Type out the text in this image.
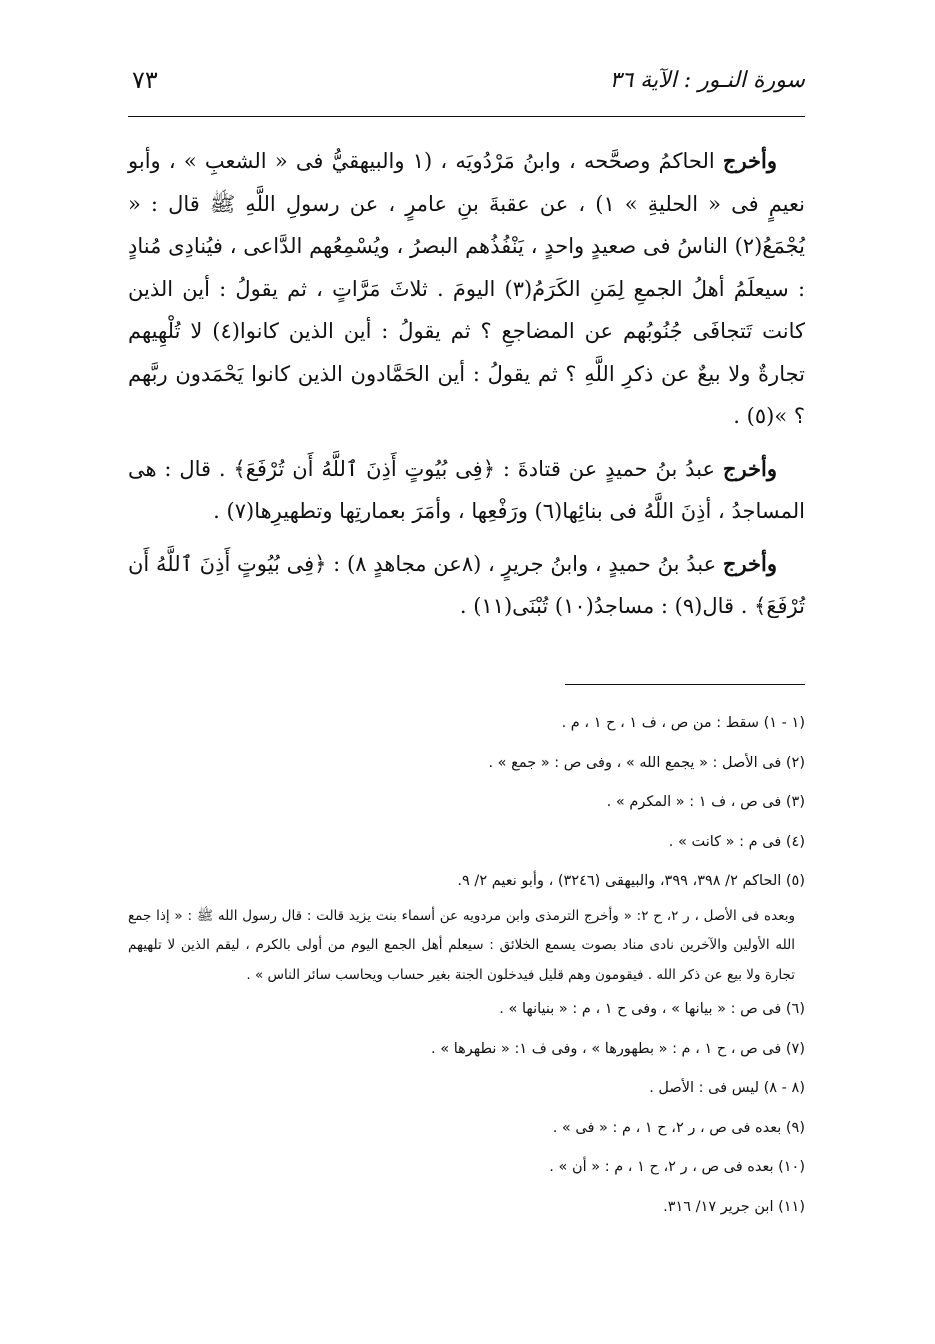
سورة النـور : الآية ٣٦
٧٣

وأخرج الحاكمُ وصحَّحه ، وابنُ مَرْدُويَه ، (١ والبيهقيُّ فى « الشعبِ » ، وأبو نعيمٍ فى « الحليةِ » ١) ، عن عقبةَ بنِ عامرٍ ، عن رسولِ اللَّهِ ﷺ قال : « يُجْمَعُ(٢) الناسُ فى صعيدٍ واحدٍ ، يَنْفُذُهم البصرُ ، ويُسْمِعُهم الدَّاعى ، فيُنادِى مُنادٍ : سيعلَمُ أهلُ الجمعِ لِمَنِ الكَرَمُ(٣) اليومَ . ثلاثَ مَرَّاتٍ ، ثم يقولُ : أين الذين كانت تَتجافَى جُنُوبُهم عن المضاجعِ ؟ ثم يقولُ : أين الذين كانوا(٤) لا تُلْهِيهم تجارةٌ ولا بيعٌ عن ذكرِ اللَّهِ ؟ ثم يقولُ : أين الحَمَّادون الذين كانوا يَحْمَدون ربَّهم ؟ »(٥) .

وأخرج عبدُ بنُ حميدٍ عن قتادةَ : ﴿فِى بُيُوتٍ أَذِنَ ٱللَّهُ أَن تُرْفَعَ﴾ . قال : هى المساجدُ ، أذِنَ اللَّهُ فى بنائِها(٦) ورَفْعِها ، وأمَرَ بعمارتِها وتطهيرِها(٧) .

وأخرج عبدُ بنُ حميدٍ ، وابنُ جريرٍ ، (٨عن مجاهدٍ ٨) : ﴿فِى بُيُوتٍ أَذِنَ ٱللَّهُ أَن تُرْفَعَ﴾ . قال(٩) : مساجدُ(١٠) تُبْنَى(١١) .

(١ - ١) سقط : من ص ، ف ١ ، ح ١ ، م .

(٢) فى الأصل : « يجمع الله » ، وفى ص : « جمع » .

(٣) فى ص ، ف ١ : « المكرم » .

(٤) فى م : « كانت » .

(٥) الحاكم ٢/ ٣٩٨، ٣٩٩، والبيهقى (٣٢٤٦) ، وأبو نعيم ٢/ ٩.

وبعده فى الأصل ، ر ٢، ح ٢: « وأخرج الترمذى وابن مردويه عن أسماء بنت يزيد قالت : قال رسول الله ﷺ : « إذا جمع الله الأولين والآخرين نادى مناد بصوت يسمع الخلائق : سيعلم أهل الجمع اليوم من أولى بالكرم ، ليقم الذين لا تلهيهم تجارة ولا بيع عن ذكر الله . فيقومون وهم قليل فيدخلون الجنة بغير حساب ويحاسب سائر الناس » .

(٦) فى ص : « بيانها » ، وفى ح ١ ، م : « بنيانها » .

(٧) فى ص ، ح ١ ، م : « بطهورها » ، وفى ف ١: « نطهرها » .

(٨ - ٨) ليس فى : الأصل .

(٩) بعده فى ص ، ر ٢، ح ١ ، م : « فى » .

(١٠) بعده فى ص ، ر ٢، ح ١ ، م : « أن » .

(١١) ابن جرير ١٧/ ٣١٦.
